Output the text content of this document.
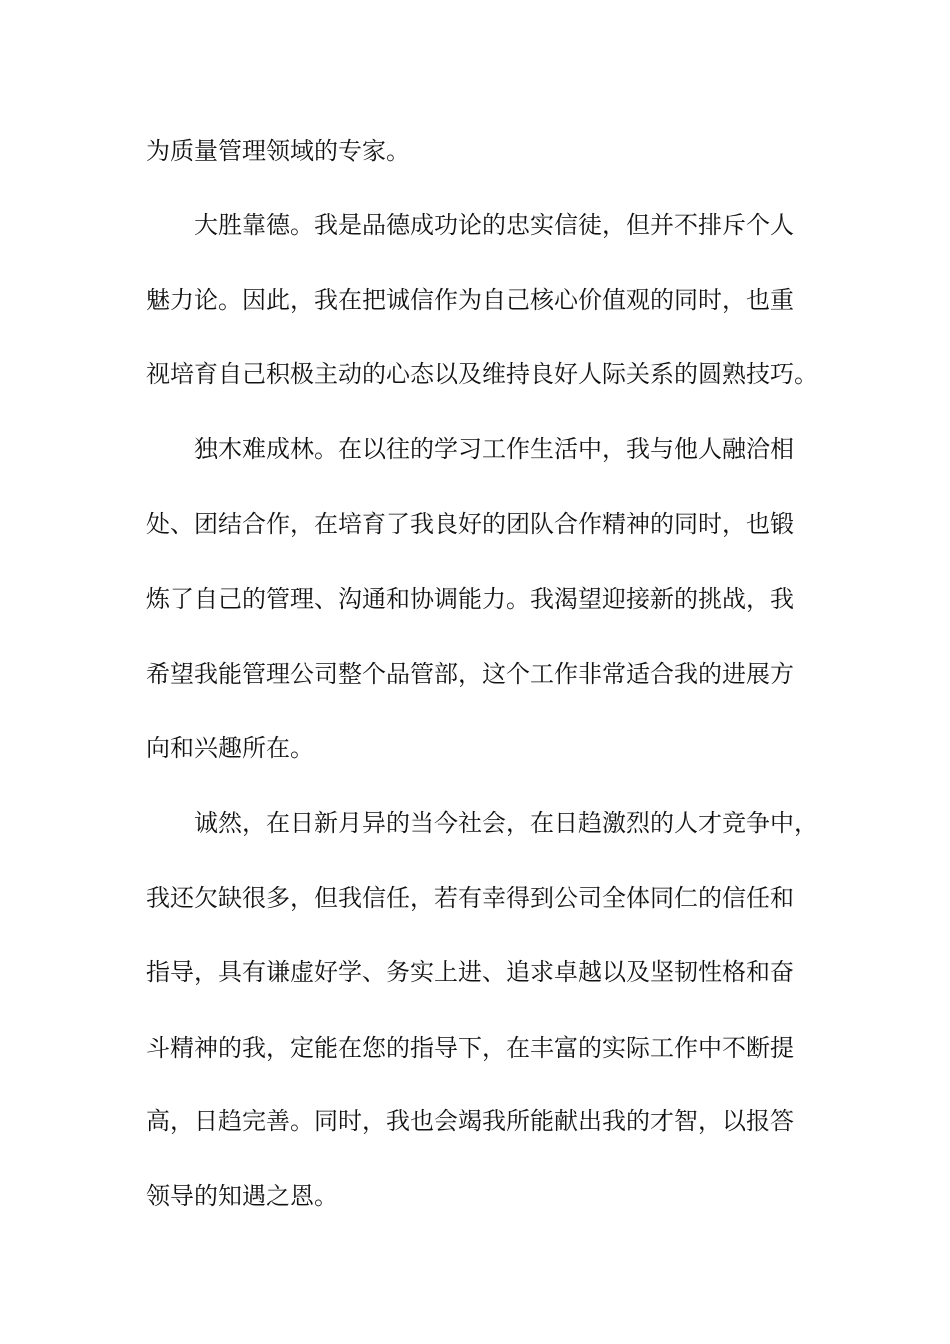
为质量管理领域的专家。
大胜靠德。我是品德成功论的忠实信徒，但并不排斥个人
魅力论。因此，我在把诚信作为自己核心价值观的同时，也重
视培育自己积极主动的心态以及维持良好人际关系的圆熟技巧。
独木难成林。在以往的学习工作生活中，我与他人融洽相
处、团结合作，在培育了我良好的团队合作精神的同时，也锻
炼了自己的管理、沟通和协调能力。我渴望迎接新的挑战，我
希望我能管理公司整个品管部，这个工作非常适合我的进展方
向和兴趣所在。
诚然，在日新月异的当今社会，在日趋激烈的人才竞争中，
我还欠缺很多，但我信任，若有幸得到公司全体同仁的信任和
指导，具有谦虚好学、务实上进、追求卓越以及坚韧性格和奋
斗精神的我，定能在您的指导下，在丰富的实际工作中不断提
高，日趋完善。同时，我也会竭我所能献出我的才智，以报答
领导的知遇之恩。
